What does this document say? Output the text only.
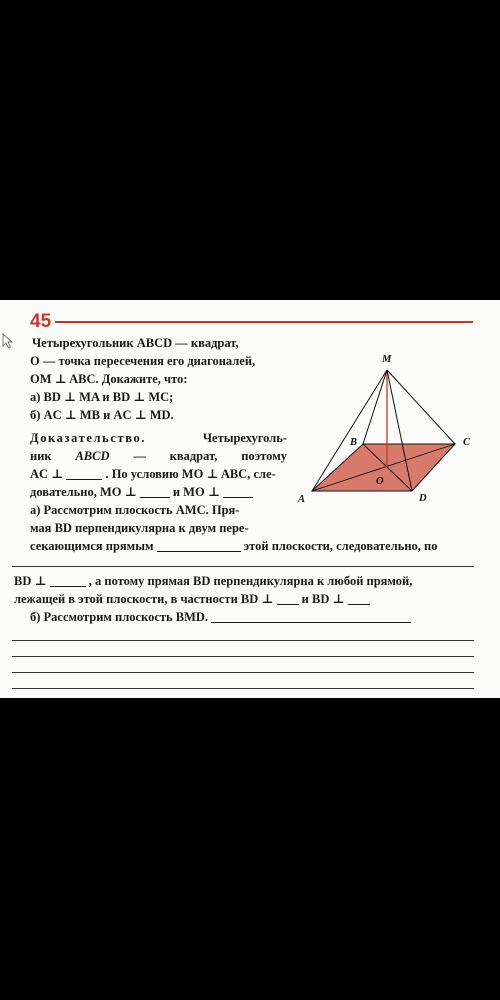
45

Четырехугольник ABCD — квадрат,

O — точка пересечения его диагоналей,

OM ⊥ ABC. Докажите, что:

а) BD ⊥ MA и BD ⊥ MC;

б) AC ⊥ MB и AC ⊥ MD.

Доказательство.	Четырехуголь-

ник ABCD — квадрат, поэтому

AC ⊥	. По условию MO ⊥ ABC, сле-

довательно, MO ⊥	и MO ⊥

а) Рассмотрим плоскость AMC. Пря-

мая BD перпендикулярна к двум пере-

секающимся прямым	этой плоскости, следовательно, по

BD ⊥	, а потому прямая BD перпендикулярна к любой прямой,

лежащей в этой плоскости, в частности BD ⊥ и BD ⊥

б) Рассмотрим плоскость BMD.

M
B	C
O
A	D
